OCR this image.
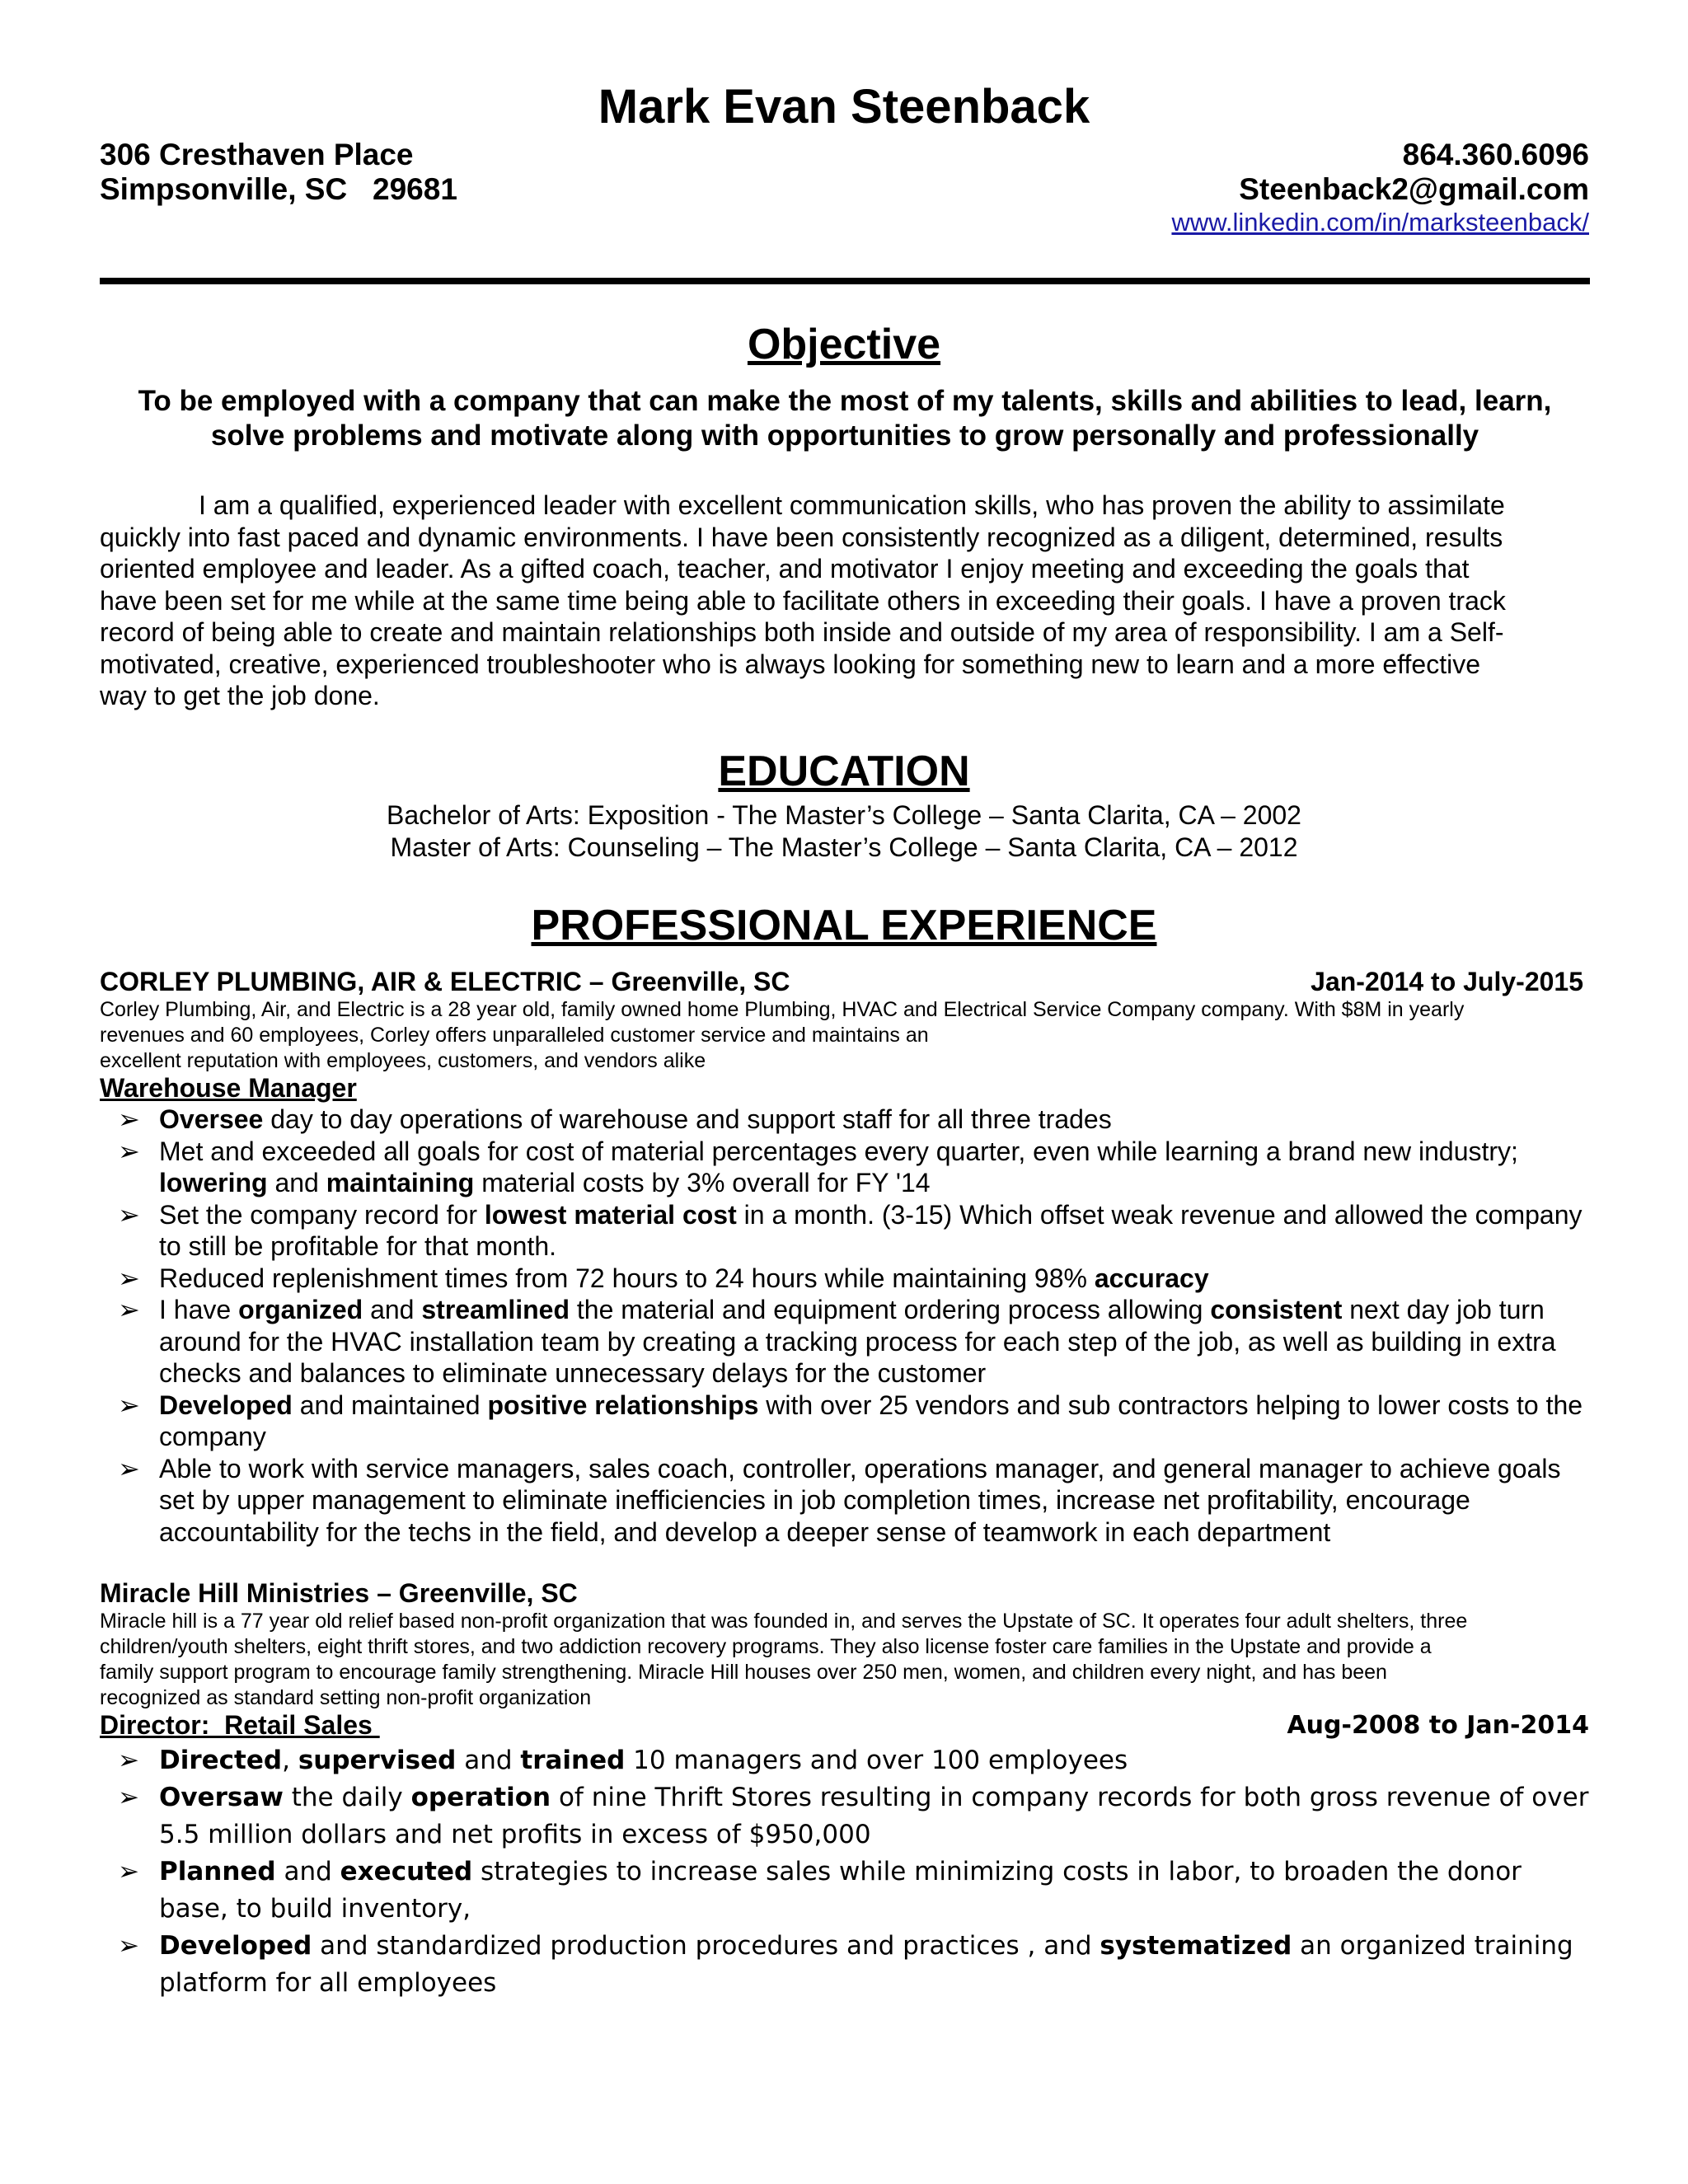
Mark Evan Steenback
306 Cresthaven Place
Simpsonville, SC   29681
864.360.6096
Steenback2@gmail.com
www.linkedin.com/in/marksteenback/
Objective
To be employed with a company that can make the most of my talents, skills and abilities to lead, learn,
solve problems and motivate along with opportunities to grow personally and professionally
I am a qualified, experienced leader with excellent communication skills, who has proven the ability to assimilate
quickly into fast paced and dynamic environments. I have been consistently recognized as a diligent, determined, results
oriented employee and leader. As a gifted coach, teacher, and motivator I enjoy meeting and exceeding the goals that
have been set for me while at the same time being able to facilitate others in exceeding their goals. I have a proven track
record of being able to create and maintain relationships both inside and outside of my area of responsibility. I am a Self-
motivated, creative, experienced troubleshooter who is always looking for something new to learn and a more effective
way to get the job done.
EDUCATION
Bachelor of Arts: Exposition - The Master’s College – Santa Clarita, CA – 2002
Master of Arts: Counseling – The Master’s College – Santa Clarita, CA – 2012
PROFESSIONAL EXPERIENCE
CORLEY PLUMBING, AIR & ELECTRIC – Greenville, SC	Jan-2014 to July-2015
Corley Plumbing, Air, and Electric is a 28 year old, family owned home Plumbing, HVAC and Electrical Service Company company. With $8M in yearly
revenues and 60 employees, Corley offers unparalleled customer service and maintains an
excellent reputation with employees, customers, and vendors alike
Warehouse Manager
➢ Oversee day to day operations of warehouse and support staff for all three trades
➢ Met and exceeded all goals for cost of material percentages every quarter, even while learning a brand new industry; lowering and maintaining material costs by 3% overall for FY '14
➢ Set the company record for lowest material cost in a month. (3-15) Which offset weak revenue and allowed the company to still be profitable for that month.
➢ Reduced replenishment times from 72 hours to 24 hours while maintaining 98% accuracy
➢ I have organized and streamlined the material and equipment ordering process allowing consistent next day job turn around for the HVAC installation team by creating a tracking process for each step of the job, as well as building in extra checks and balances to eliminate unnecessary delays for the customer
➢ Developed and maintained positive relationships with over 25 vendors and sub contractors helping to lower costs to the company
➢ Able to work with service managers, sales coach, controller, operations manager, and general manager to achieve goals set by upper management to eliminate inefficiencies in job completion times, increase net profitability, encourage accountability for the techs in the field, and develop a deeper sense of teamwork in each department
Miracle Hill Ministries – Greenville, SC
Miracle hill is a 77 year old relief based non-profit organization that was founded in, and serves the Upstate of SC. It operates four adult shelters, three
children/youth shelters, eight thrift stores, and two addiction recovery programs. They also license foster care families in the Upstate and provide a
family support program to encourage family strengthening. Miracle Hill houses over 250 men, women, and children every night, and has been
recognized as standard setting non-profit organization
Director:  Retail Sales	Aug-2008 to Jan-2014
➢ Directed, supervised and trained 10 managers and over 100 employees
➢ Oversaw the daily operation of nine Thrift Stores resulting in company records for both gross revenue of over 5.5 million dollars and net profits in excess of $950,000
➢ Planned and executed strategies to increase sales while minimizing costs in labor, to broaden the donor base, to build inventory,
➢ Developed and standardized production procedures and practices , and systematized an organized training platform for all employees
